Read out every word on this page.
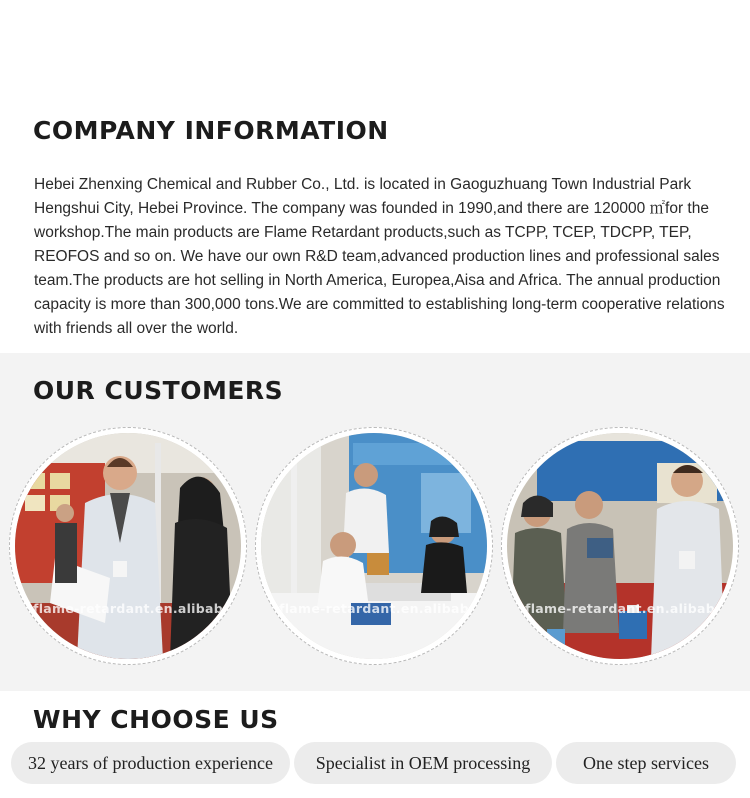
COMPANY INFORMATION

Hebei Zhenxing Chemical and Rubber Co., Ltd. is located in Gaoguzhuang Town Industrial Park Hengshui City, Hebei Province. The company was founded in 1990,and there are 120000 ㎡for the workshop.The main products are Flame Retardant products,such as TCPP, TCEP, TDCPP, TEP, REOFOS and so on. We have our own R&D team,advanced production lines and professional sales team.The products are hot selling in North America, Europea,Aisa and Africa. The annual production capacity is more than 300,000 tons.We are committed to establishing long-term cooperative relations with friends all over the world.

OUR CUSTOMERS
flame-retardant.en.alibab	flame-retardant.en.alibab	flame-retardant.en.alibab
WHY CHOOSE US
32 years of production experience	Specialist in OEM processing	One step services
